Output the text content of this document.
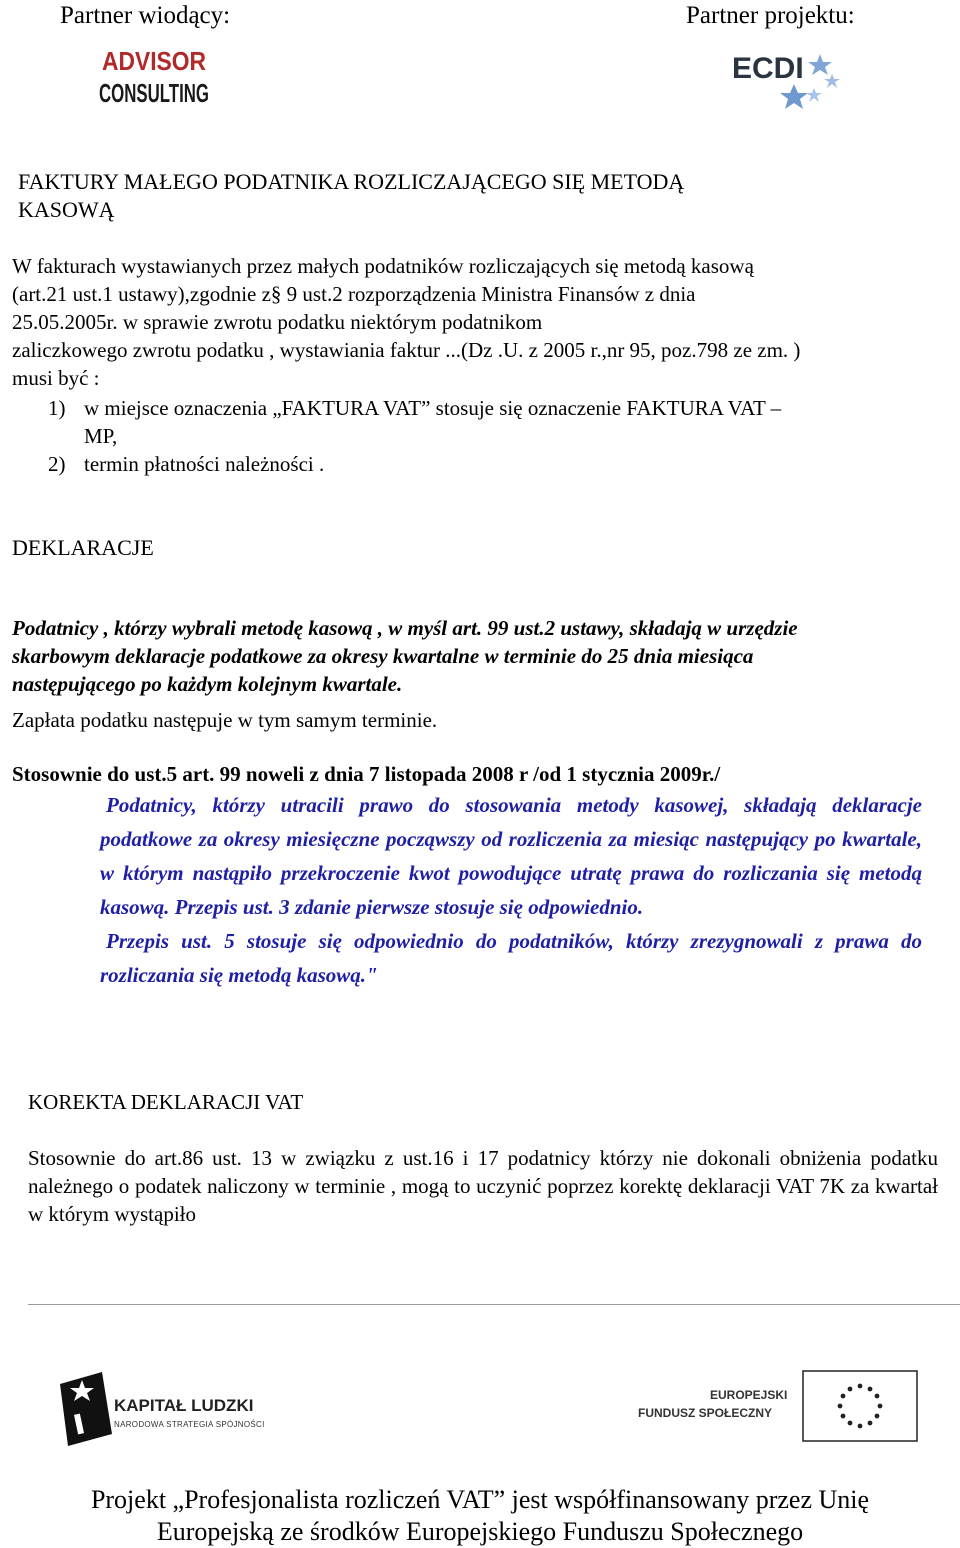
Partner wiodący:	Partner projektu:
ADVISOR
CONSULTING
ECDI
FAKTURY MAŁEGO PODATNIKA ROZLICZAJĄCEGO SIĘ METODĄ
KASOWĄ
W fakturach wystawianych przez małych podatników rozliczających się metodą kasową
(art.21 ust.1 ustawy),zgodnie z§ 9 ust.2 rozporządzenia Ministra Finansów z dnia
25.05.2005r. w sprawie zwrotu podatku niektórym podatnikom
zaliczkowego zwrotu podatku , wystawiania faktur ...(Dz .U. z 2005 r.,nr 95, poz.798 ze zm. )
musi być :
1) w miejsce oznaczenia „FAKTURA VAT” stosuje się oznaczenie FAKTURA VAT –
MP,
2) termin płatności należności .
DEKLARACJE
Podatnicy , którzy wybrali metodę kasową , w myśl art. 99 ust.2 ustawy, składają w urzędzie
skarbowym deklaracje podatkowe za okresy kwartalne w terminie do 25 dnia miesiąca
następującego po każdym kolejnym kwartale.
Zapłata podatku następuje w tym samym terminie.
Stosownie do ust.5 art. 99 noweli z dnia 7 listopada 2008 r /od 1 stycznia 2009r./
Podatnicy, którzy utracili prawo do stosowania metody kasowej, składają deklaracje podatkowe za okresy miesięczne począwszy od rozliczenia za miesiąc następujący po kwartale, w którym nastąpiło przekroczenie kwot powodujące utratę prawa do rozliczania się metodą kasową. Przepis ust. 3 zdanie pierwsze stosuje się odpowiednio.
Przepis ust. 5 stosuje się odpowiednio do podatników, którzy zrezygnowali z prawa do rozliczania się metodą kasową."
KOREKTA DEKLARACJI VAT
Stosownie do art.86 ust. 13 w związku z ust.16 i 17 podatnicy którzy nie dokonali obniżenia podatku należnego o podatek naliczony w terminie , mogą to uczynić poprzez korektę deklaracji VAT 7K za kwartał w którym wystąpiło
KAPITAŁ LUDZKI
NARODOWA STRATEGIA SPÓJNOŚCI
EUROPEJSKI
FUNDUSZ SPOŁECZNY
Projekt „Profesjonalista rozliczeń VAT” jest współfinansowany przez Unię
Europejską ze środków Europejskiego Funduszu Społecznego
